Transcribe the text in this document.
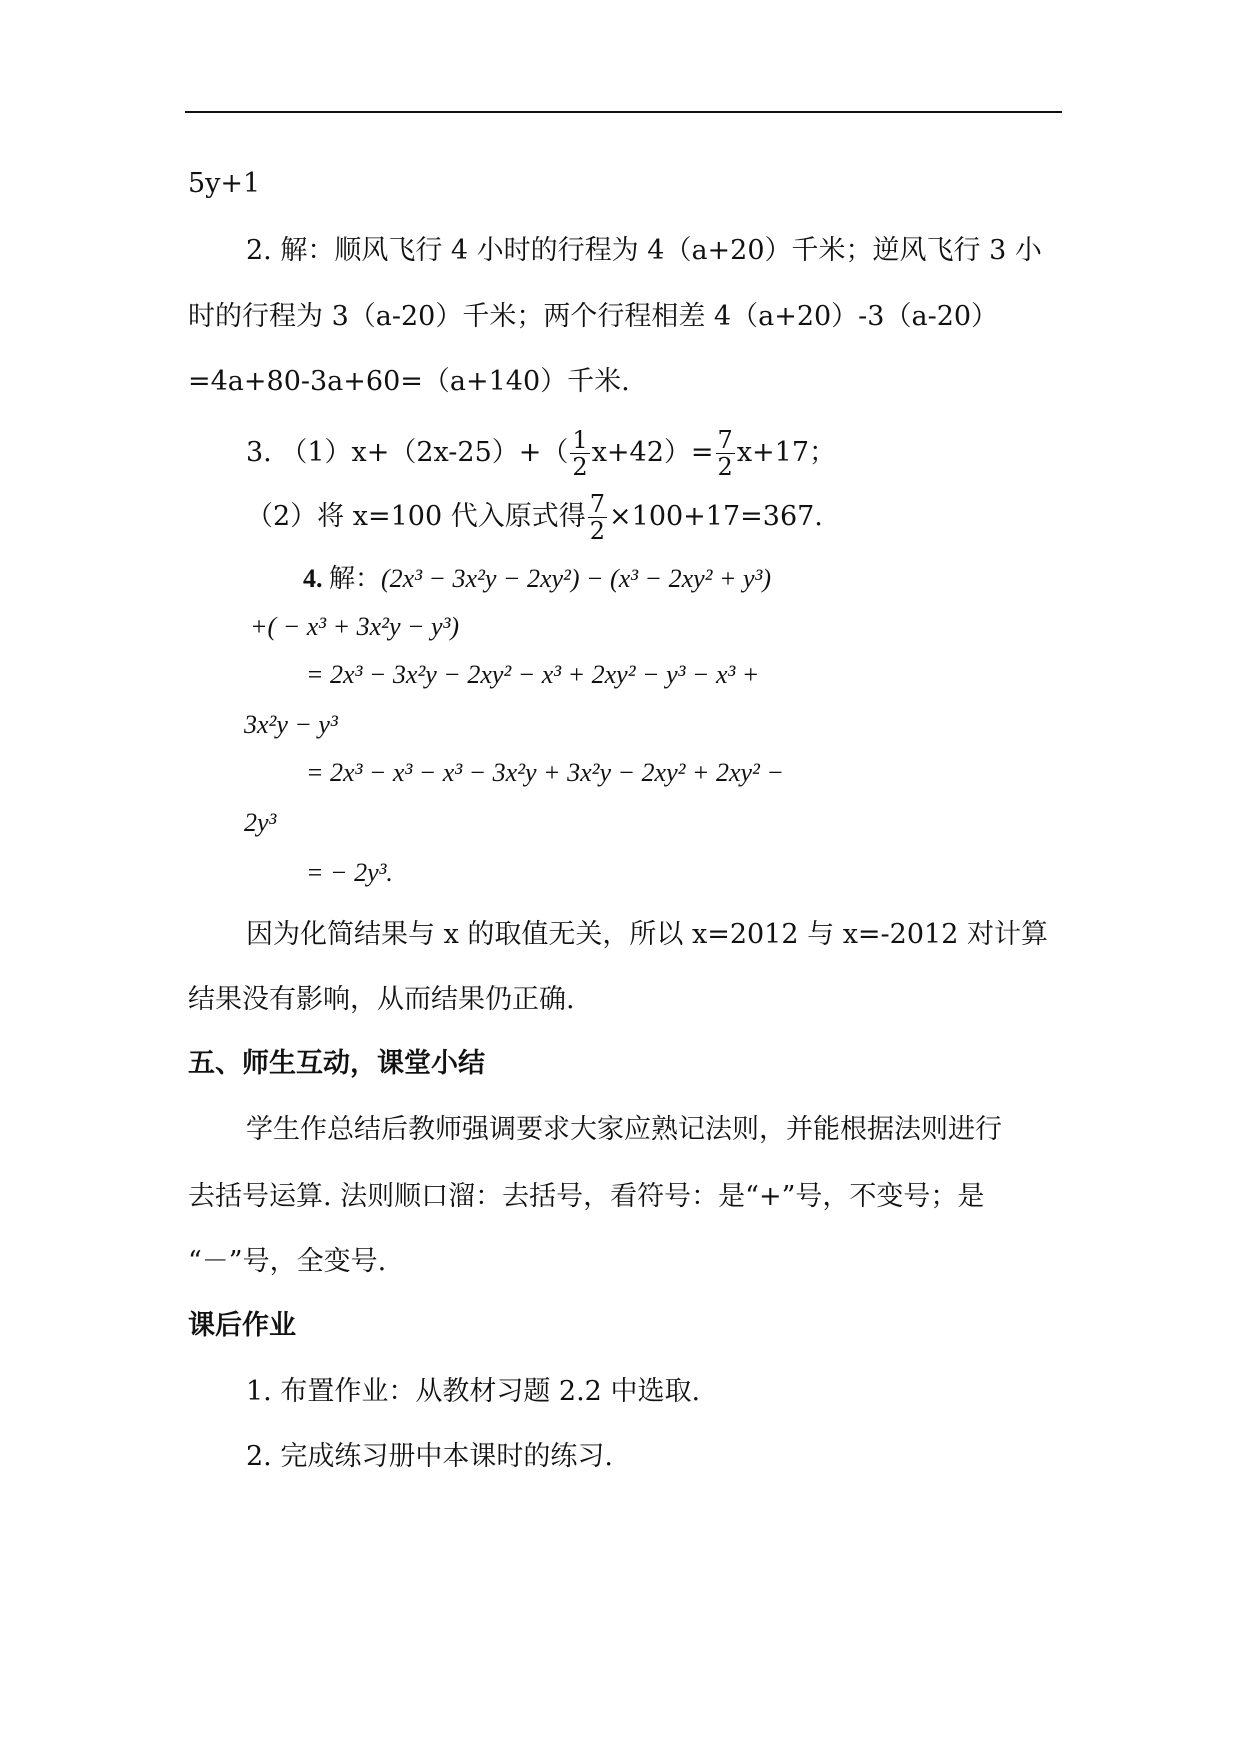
5y+1
2. 解：顺风飞行 4 小时的行程为 4（a+20）千米；逆风飞行 3 小
时的行程为 3（a-20）千米；两个行程相差 4（a+20）-3（a-20）
=4a+80-3a+60=（a+140）千米.
3. $(1)x+(2x-25)+( \frac{1}{2} x+42)= \frac{7}{2} x+17$；
（2）将 x=100 代入原式得 $\frac{7}{2} \times 100+17=367$.
4. 解：(2x³ − 3x²y − 2xy²) − (x³ − 2xy² + y³)
+( − x³ + 3x²y − y³)
= 2x³ − 3x²y − 2xy² − x³ + 2xy² − y³ − x³ +
3x²y − y³
= 2x³ − x³ − x³ − 3x²y + 3x²y − 2xy² + 2xy² −
2y³
= − 2y³.
因为化简结果与 x 的取值无关，所以 x=2012 与 x=-2012 对计算
结果没有影响，从而结果仍正确.
五、师生互动，课堂小结
学生作总结后教师强调要求大家应熟记法则，并能根据法则进行
去括号运算. 法则顺口溜：去括号，看符号：是“+”号，不变号；是
“－”号，全变号.
课后作业
1. 布置作业：从教材习题 2.2 中选取.
2. 完成练习册中本课时的练习.
